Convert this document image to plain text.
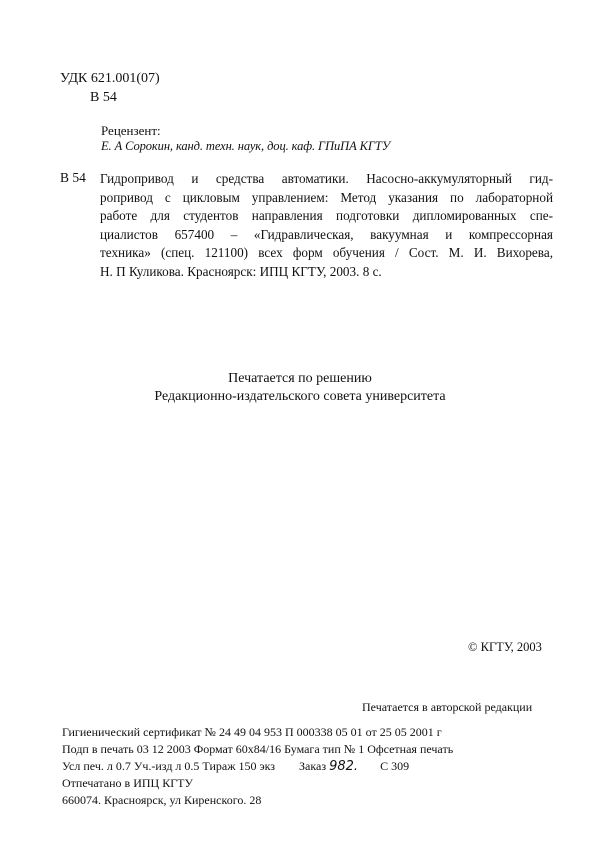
УДК 621.001(07)
В 54
Рецензент:
Е. А Сорокин, канд. техн. наук, доц. каф. ГПиПА КГТУ
В 54 Гидропривод и средства автоматики. Насосно-аккумуляторный гид-
ропривод с цикловым управлением: Метод указания по лабораторной
работе для студентов направления подготовки дипломированных спе-
циалистов 657400 – «Гидравлическая, вакуумная и компрессорная
техника» (спец. 121100) всех форм обучения / Сост. М. И. Вихорева,
Н. П Куликова. Красноярск: ИПЦ КГТУ, 2003. 8 с.
Печатается по решению
Редакционно-издательского совета университета
© КГТУ, 2003
Печатается в авторской редакции
Гигиенический сертификат № 24 49 04 953 П 000338 05 01 от 25 05 2001 г
Подп в печать 03 12 2003 Формат 60х84/16 Бумага тип № 1 Офсетная печать
Усл печ. л 0.7 Уч.-изд л 0.5 Тираж 150 экз Заказ 982. С 309
Отпечатано в ИПЦ КГТУ
660074. Красноярск, ул Киренского. 28
